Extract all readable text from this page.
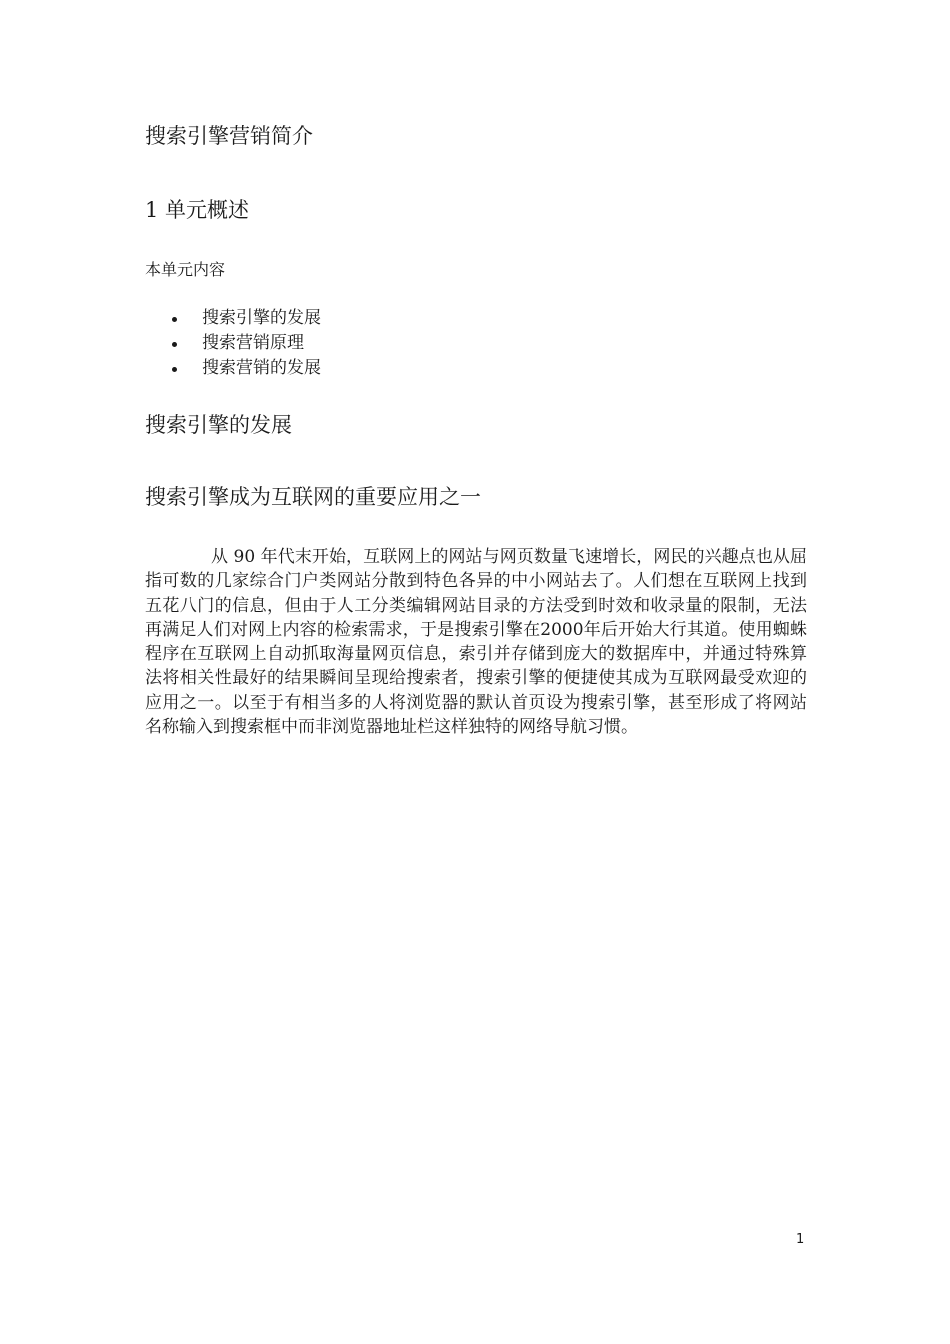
搜索引擎营销简介
1 单元概述

本单元内容

搜索引擎的发展
搜索营销原理
搜索营销的发展
搜索引擎的发展
搜索引擎成为互联网的重要应用之一

从 90 年代末开始，互联网上的网站与网页数量飞速增长，网民的兴趣点也从屈指可数的几家综合门户类网站分散到特色各异的中小网站去了。人们想在互联网上找到五花八门的信息，但由于人工分类编辑网站目录的方法受到时效和收录量的限制，无法再满足人们对网上内容的检索需求，于是搜索引擎在2000年后开始大行其道。使用蜘蛛程序在互联网上自动抓取海量网页信息，索引并存储到庞大的数据库中，并通过特殊算法将相关性最好的结果瞬间呈现给搜索者，搜索引擎的便捷使其成为互联网最受欢迎的应用之一。以至于有相当多的人将浏览器的默认首页设为搜索引擎，甚至形成了将网站名称输入到搜索框中而非浏览器地址栏这样独特的网络导航习惯。

1
